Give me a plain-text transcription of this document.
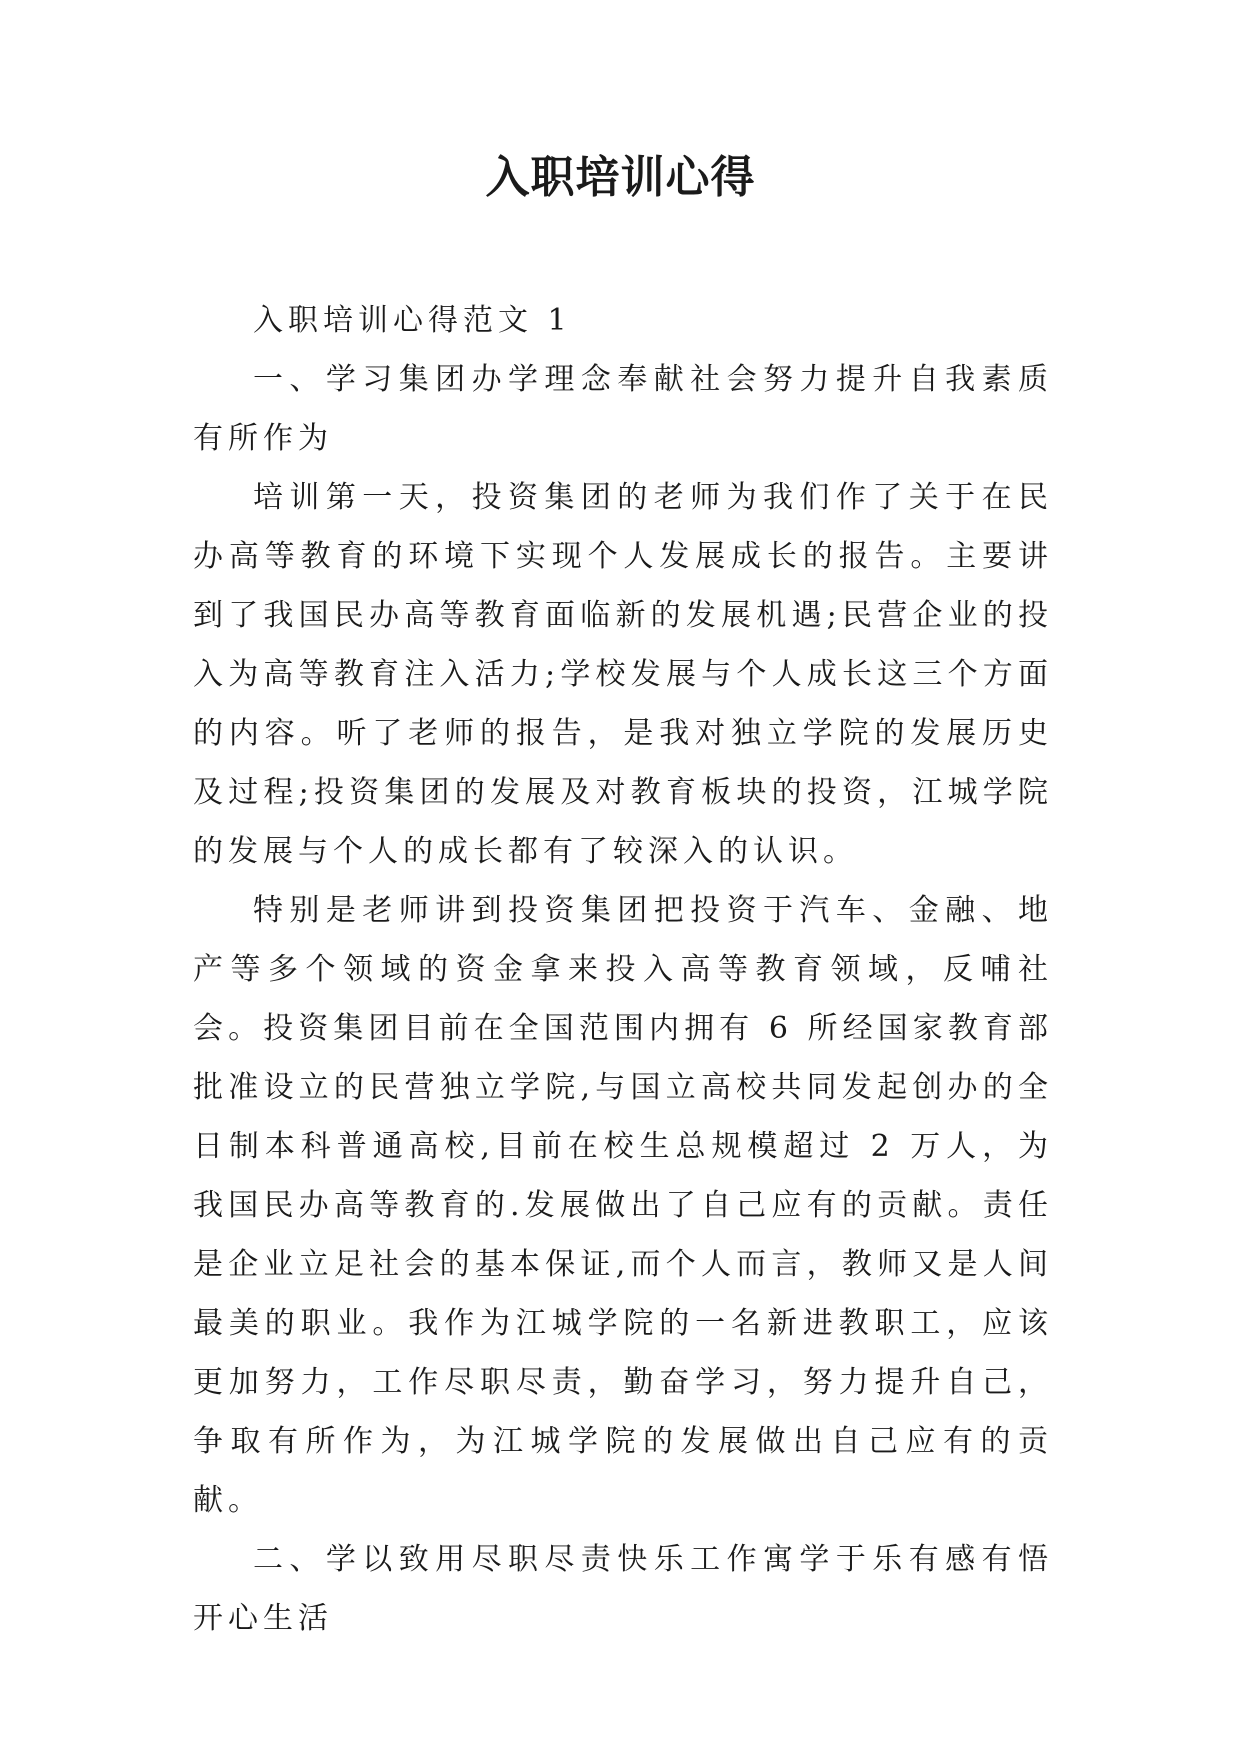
入职培训心得

入职培训心得范文 1

一、学习集团办学理念奉献社会努力提升自我素质有所作为

培训第一天，投资集团的老师为我们作了关于在民办高等教育的环境下实现个人发展成长的报告。主要讲到了我国民办高等教育面临新的发展机遇;民营企业的投入为高等教育注入活力;学校发展与个人成长这三个方面的内容。听了老师的报告，是我对独立学院的发展历史及过程;投资集团的发展及对教育板块的投资，江城学院的发展与个人的成长都有了较深入的认识。

特别是老师讲到投资集团把投资于汽车、金融、地产等多个领域的资金拿来投入高等教育领域，反哺社会。投资集团目前在全国范围内拥有 6 所经国家教育部批准设立的民营独立学院,与国立高校共同发起创办的全日制本科普通高校,目前在校生总规模超过 2 万人，为我国民办高等教育的.发展做出了自己应有的贡献。责任是企业立足社会的基本保证,而个人而言，教师又是人间最美的职业。我作为江城学院的一名新进教职工，应该更加努力，工作尽职尽责，勤奋学习，努力提升自己，争取有所作为，为江城学院的发展做出自己应有的贡献。

二、学以致用尽职尽责快乐工作寓学于乐有感有悟开心生活
